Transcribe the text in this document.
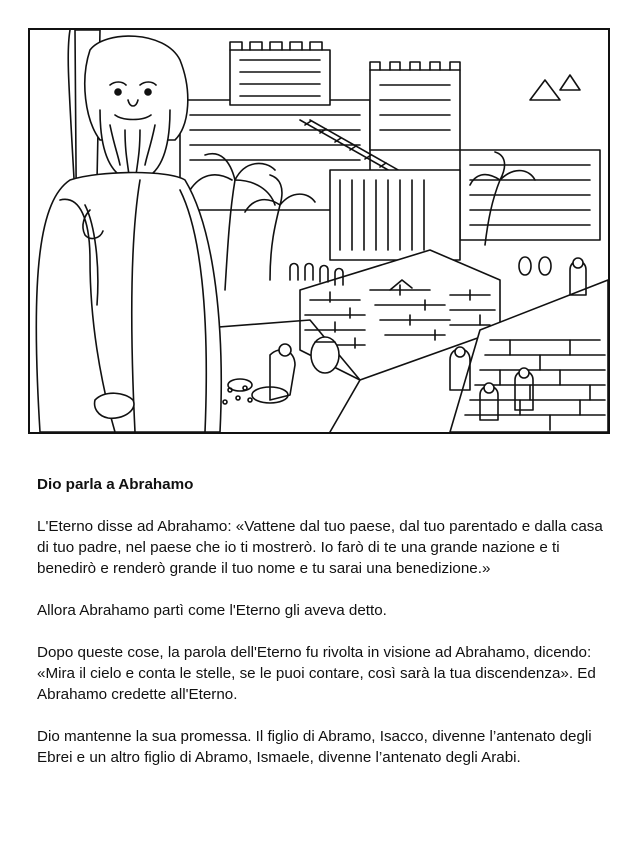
Dio parla a Abrahamo

L'Eterno disse ad Abrahamo: «Vattene dal tuo paese, dal tuo parentado e dalla casa di tuo padre, nel paese che io ti mostrerò. Io farò di te una grande nazione e ti benedirò e renderò grande il tuo nome e tu sarai una benedizione.»

Allora Abrahamo partì come l'Eterno gli aveva detto.

Dopo queste cose, la parola dell'Eterno fu rivolta in visione ad Abrahamo, dicendo: «Mira il cielo e conta le stelle, se le puoi contare, così sarà la tua discendenza». Ed Abrahamo credette all'Eterno.

Dio mantenne la sua promessa. Il figlio di Abramo, Isacco, divenne l’antenato degli Ebrei e un altro figlio di Abramo, Ismaele, divenne l’antenato degli Arabi.
